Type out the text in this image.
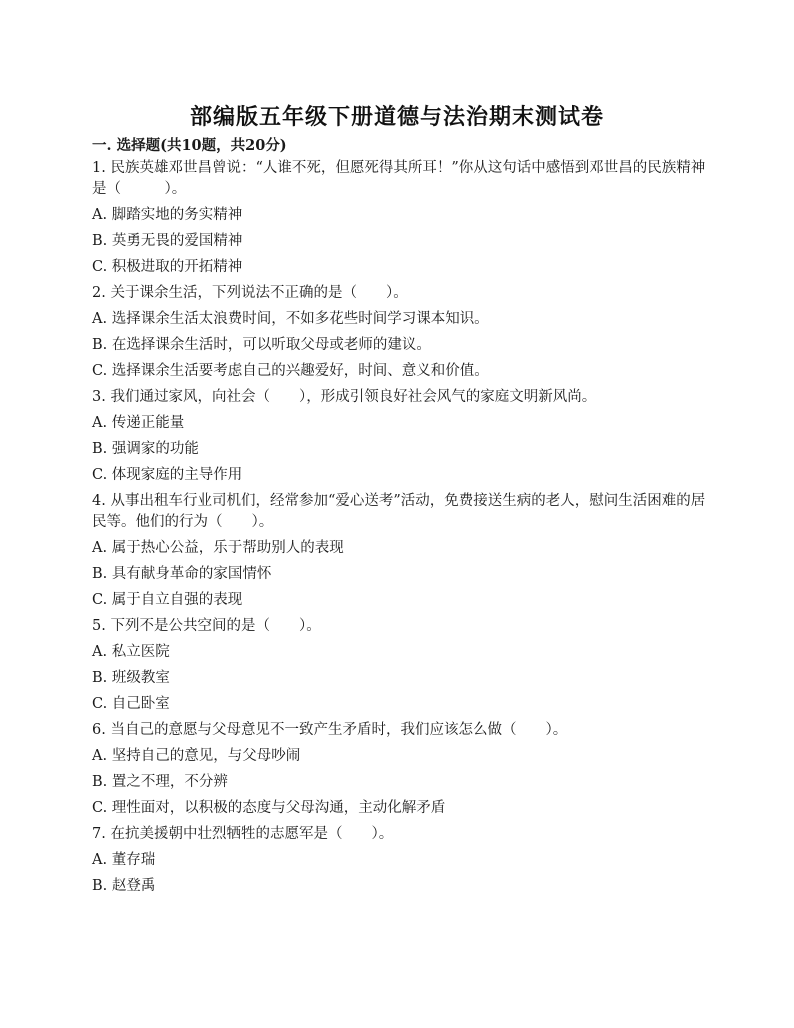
部编版五年级下册道德与法治期末测试卷
一. 选择题(共10题，共20分)
1. 民族英雄邓世昌曾说：“人谁不死，但愿死得其所耳！”你从这句话中感悟到邓世昌的民族精神是（　　　）。
A. 脚踏实地的务实精神
B. 英勇无畏的爱国精神
C. 积极进取的开拓精神
2. 关于课余生活，下列说法不正确的是（　　）。
A. 选择课余生活太浪费时间，不如多花些时间学习课本知识。
B. 在选择课余生活时，可以听取父母或老师的建议。
C. 选择课余生活要考虑自己的兴趣爱好，时间、意义和价值。
3. 我们通过家风，向社会（　　），形成引领良好社会风气的家庭文明新风尚。
A. 传递正能量
B. 强调家的功能
C. 体现家庭的主导作用
4. 从事出租车行业司机们，经常参加“爱心送考”活动，免费接送生病的老人，慰问生活困难的居民等。他们的行为（　　）。
A. 属于热心公益，乐于帮助别人的表现
B. 具有献身革命的家国情怀
C. 属于自立自强的表现
5. 下列不是公共空间的是（　　）。
A. 私立医院
B. 班级教室
C. 自己卧室
6. 当自己的意愿与父母意见不一致产生矛盾时，我们应该怎么做（　　）。
A. 坚持自己的意见，与父母吵闹
B. 置之不理，不分辨
C. 理性面对，以积极的态度与父母沟通，主动化解矛盾
7. 在抗美援朝中壮烈牺牲的志愿军是（　　）。
A. 董存瑞
B. 赵登禹
